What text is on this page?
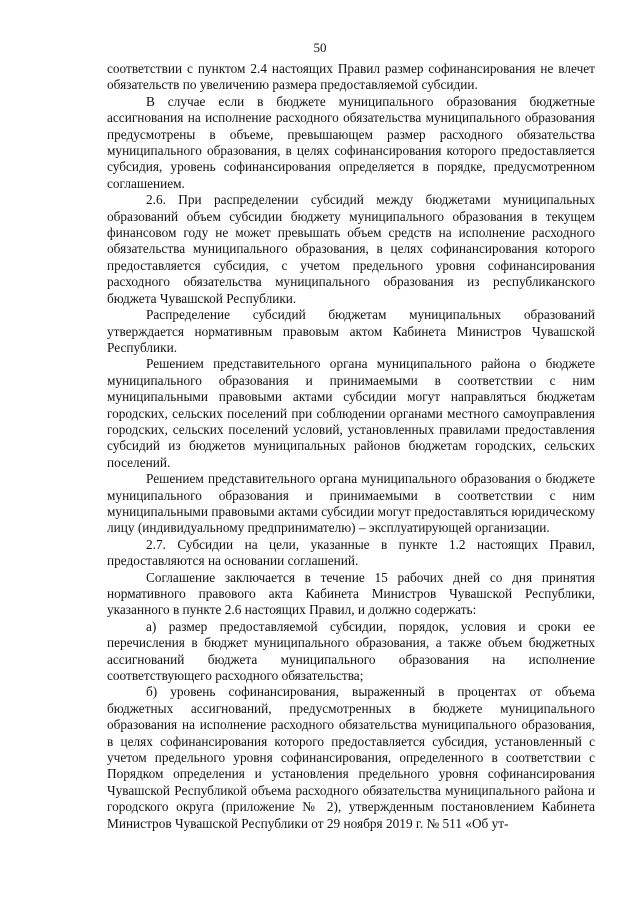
50

соответствии с пунктом 2.4 настоящих Правил размер софинансирования не влечет обязательств по увеличению размера предоставляемой субсидии.

В случае если в бюджете муниципального образования бюджетные ассигнования на исполнение расходного обязательства муниципального образования предусмотрены в объеме, превышающем размер расходного обязательства муниципального образования, в целях софинансирования которого предоставляется субсидия, уровень софинансирования определяется в порядке, предусмотренном соглашением.

2.6. При распределении субсидий между бюджетами муниципальных образований объем субсидии бюджету муниципального образования в текущем финансовом году не может превышать объем средств на исполнение расходного обязательства муниципального образования, в целях софинансирования которого предоставляется субсидия, с учетом предельного уровня софинансирования расходного обязательства муниципального образования из республиканского бюджета Чувашской Республики.

Распределение субсидий бюджетам муниципальных образований утверждается нормативным правовым актом Кабинета Министров Чувашской Республики.

Решением представительного органа муниципального района о бюджете муниципального образования и принимаемыми в соответствии с ним муниципальными правовыми актами субсидии могут направляться бюджетам городских, сельских поселений при соблюдении органами местного самоуправления городских, сельских поселений условий, установленных правилами предоставления субсидий из бюджетов муниципальных районов бюджетам городских, сельских поселений.

Решением представительного органа муниципального образования о бюджете муниципального образования и принимаемыми в соответствии с ним муниципальными правовыми актами субсидии могут предоставляться юридическому лицу (индивидуальному предпринимателю) – эксплуатирующей организации.

2.7. Субсидии на цели, указанные в пункте 1.2 настоящих Правил, предоставляются на основании соглашений.

Соглашение заключается в течение 15 рабочих дней со дня принятия нормативного правового акта Кабинета Министров Чувашской Республики, указанного в пункте 2.6 настоящих Правил, и должно содержать:

а) размер предоставляемой субсидии, порядок, условия и сроки ее перечисления в бюджет муниципального образования, а также объем бюджетных ассигнований бюджета муниципального образования на исполнение соответствующего расходного обязательства;

б) уровень софинансирования, выраженный в процентах от объема бюджетных ассигнований, предусмотренных в бюджете муниципального образования на исполнение расходного обязательства муниципального образования, в целях софинансирования которого предоставляется субсидия, установленный с учетом предельного уровня софинансирования, определенного в соответствии с Порядком определения и установления предельного уровня софинансирования Чувашской Республикой объема расходного обязательства муниципального района и городского округа (приложение № 2), утвержденным постановлением Кабинета Министров Чувашской Республики от 29 ноября 2019 г. № 511 «Об ут-
